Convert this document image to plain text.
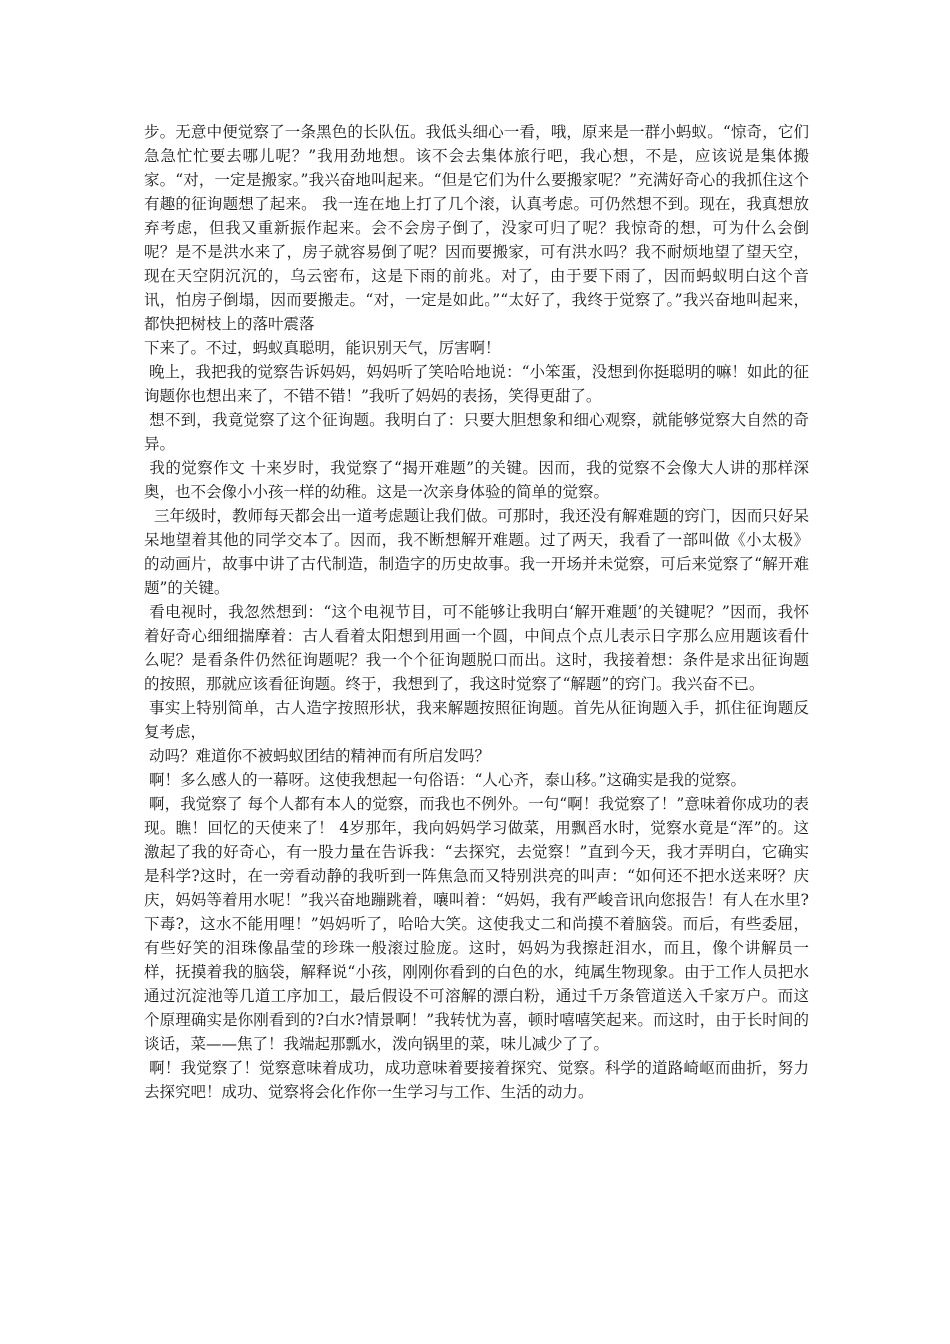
步。无意中便觉察了一条黑色的长队伍。我低头细心一看，哦，原来是一群小蚂蚁。“惊奇，它们急急忙忙要去哪儿呢？”我用劲地想。该不会去集体旅行吧，我心想，不是，应该说是集体搬家。“对，一定是搬家。”我兴奋地叫起来。“但是它们为什么要搬家呢？”充满好奇心的我抓住这个有趣的征询题想了起来。 我一连在地上打了几个滚，认真考虑。可仍然想不到。现在，我真想放弃考虑，但我又重新振作起来。会不会房子倒了，没家可归了呢？我惊奇的想，可为什么会倒呢？是不是洪水来了，房子就容易倒了呢？因而要搬家，可有洪水吗？我不耐烦地望了望天空，现在天空阴沉沉的，乌云密布，这是下雨的前兆。对了，由于要下雨了，因而蚂蚁明白这个音讯，怕房子倒塌，因而要搬走。“对，一定是如此。”“太好了，我终于觉察了。”我兴奋地叫起来，都快把树枝上的落叶震落

下来了。不过，蚂蚁真聪明，能识别天气，厉害啊！

晚上，我把我的觉察告诉妈妈，妈妈听了笑哈哈地说：“小笨蛋，没想到你挺聪明的嘛！如此的征询题你也想出来了，不错不错！”我听了妈妈的表扬，笑得更甜了。

想不到，我竟觉察了这个征询题。我明白了：只要大胆想象和细心观察，就能够觉察大自然的奇异。

我的觉察作文 十来岁时，我觉察了“揭开难题”的关键。因而，我的觉察不会像大人讲的那样深奥，也不会像小小孩一样的幼稚。这是一次亲身体验的简单的觉察。

三年级时，教师每天都会出一道考虑题让我们做。可那时，我还没有解难题的窍门，因而只好呆呆地望着其他的同学交本了。因而，我不断想解开难题。过了两天，我看了一部叫做《小太极》的动画片，故事中讲了古代制造，制造字的历史故事。我一开场并未觉察，可后来觉察了“解开难题”的关键。

看电视时，我忽然想到：“这个电视节目，可不能够让我明白‘解开难题’的关键呢？”因而，我怀着好奇心细细揣摩着：古人看着太阳想到用画一个圆，中间点个点儿表示日字那么应用题该看什么呢？是看条件仍然征询题呢？我一个个征询题脱口而出。这时，我接着想：条件是求出征询题的按照，那就应该看征询题。终于，我想到了，我这时觉察了“解题”的窍门。我兴奋不已。

事实上特别简单，古人造字按照形状，我来解题按照征询题。首先从征询题入手，抓住征询题反复考虑，

动吗？难道你不被蚂蚁团结的精神而有所启发吗？

啊！多么感人的一幕呀。这使我想起一句俗语：“人心齐，泰山移。”这确实是我的觉察。

啊，我觉察了 每个人都有本人的觉察，而我也不例外。一句“啊！我觉察了！”意味着你成功的表现。瞧！回忆的天使来了！ 4岁那年，我向妈妈学习做菜，用飘舀水时，觉察水竟是“浑”的。这激起了我的好奇心，有一股力量在告诉我：“去探究，去觉察！”直到今天，我才弄明白，它确实是科学?这时，在一旁看动静的我听到一阵焦急而又特别洪亮的叫声：“如何还不把水送来呀？庆庆，妈妈等着用水呢！”我兴奋地蹦跳着，嚷叫着：“妈妈，我有严峻音讯向您报告！有人在水里?下毒?，这水不能用哩！”妈妈听了，哈哈大笑。这使我丈二和尚摸不着脑袋。而后，有些委屈，有些好笑的泪珠像晶莹的珍珠一般滚过脸庞。这时，妈妈为我擦赶泪水，而且，像个讲解员一样，抚摸着我的脑袋，解释说“小孩，刚刚你看到的白色的水，纯属生物现象。由于工作人员把水通过沉淀池等几道工序加工，最后假设不可溶解的漂白粉，通过千万条管道送入千家万户。而这个原理确实是你刚看到的?白水?情景啊！”我转忧为喜，顿时嘻嘻笑起来。而这时，由于长时间的谈话，菜——焦了！我端起那瓢水，泼向锅里的菜，味儿减少了了。

啊！我觉察了！觉察意味着成功，成功意味着要接着探究、觉察。科学的道路崎岖而曲折，努力去探究吧！成功、觉察将会化作你一生学习与工作、生活的动力。
